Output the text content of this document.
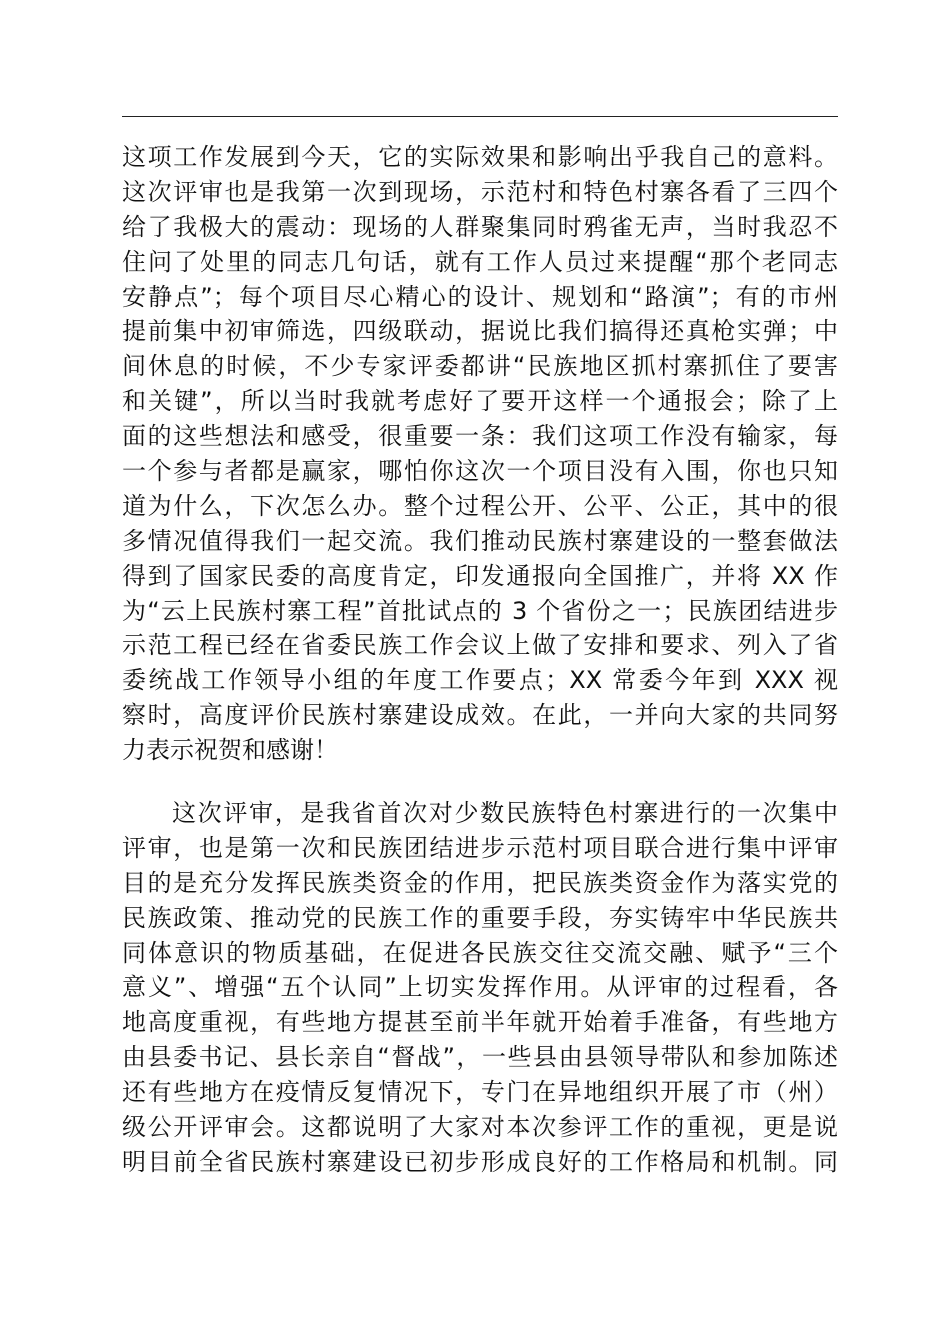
这项工作发展到今天，它的实际效果和影响出乎我自己的意料。
这次评审也是我第一次到现场，示范村和特色村寨各看了三四个
给了我极大的震动：现场的人群聚集同时鸦雀无声，当时我忍不
住问了处里的同志几句话，就有工作人员过来提醒“那个老同志
安静点”；每个项目尽心精心的设计、规划和“路演”；有的市州
提前集中初审筛选，四级联动，据说比我们搞得还真枪实弹；中
间休息的时候，不少专家评委都讲“民族地区抓村寨抓住了要害
和关键”，所以当时我就考虑好了要开这样一个通报会；除了上
面的这些想法和感受，很重要一条：我们这项工作没有输家，每
一个参与者都是赢家，哪怕你这次一个项目没有入围，你也只知
道为什么，下次怎么办。整个过程公开、公平、公正，其中的很
多情况值得我们一起交流。我们推动民族村寨建设的一整套做法
得到了国家民委的高度肯定，印发通报向全国推广，并将 XX 作
为“云上民族村寨工程”首批试点的 3 个省份之一；民族团结进步
示范工程已经在省委民族工作会议上做了安排和要求、列入了省
委统战工作领导小组的年度工作要点；XX 常委今年到 XXX 视
察时，高度评价民族村寨建设成效。在此，一并向大家的共同努
力表示祝贺和感谢！
这次评审，是我省首次对少数民族特色村寨进行的一次集中
评审，也是第一次和民族团结进步示范村项目联合进行集中评审
目的是充分发挥民族类资金的作用，把民族类资金作为落实党的
民族政策、推动党的民族工作的重要手段，夯实铸牢中华民族共
同体意识的物质基础，在促进各民族交往交流交融、赋予“三个
意义”、增强“五个认同”上切实发挥作用。从评审的过程看，各
地高度重视，有些地方提甚至前半年就开始着手准备，有些地方
由县委书记、县长亲自“督战”，一些县由县领导带队和参加陈述
还有些地方在疫情反复情况下，专门在异地组织开展了市（州）
级公开评审会。这都说明了大家对本次参评工作的重视，更是说
明目前全省民族村寨建设已初步形成良好的工作格局和机制。同
